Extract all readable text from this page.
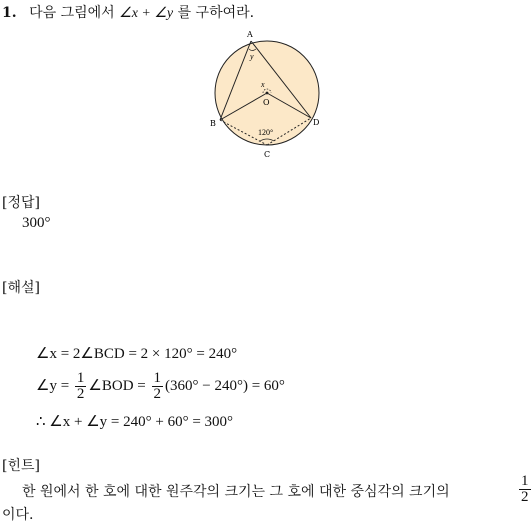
1. 다음 그림에서 ∠x + ∠y 를 구하여라.
A
B
C
D
O
x
y
120°
[정답]
300°
[해설]
∠x = 2∠BCD = 2 × 120° = 240°
∠y = $\frac{1}{2}$ ∠BOD = $\frac{1}{2} (360^\circ - 240^\circ) = 60^\circ$
∴ ∠x + ∠y = 240° + 60° = 300°
[힌트]
한 원에서 한 호에 대한 원주각의 크기는 그 호에 대한 중심각의 크기의	$\frac{1}{2}$
이다.
